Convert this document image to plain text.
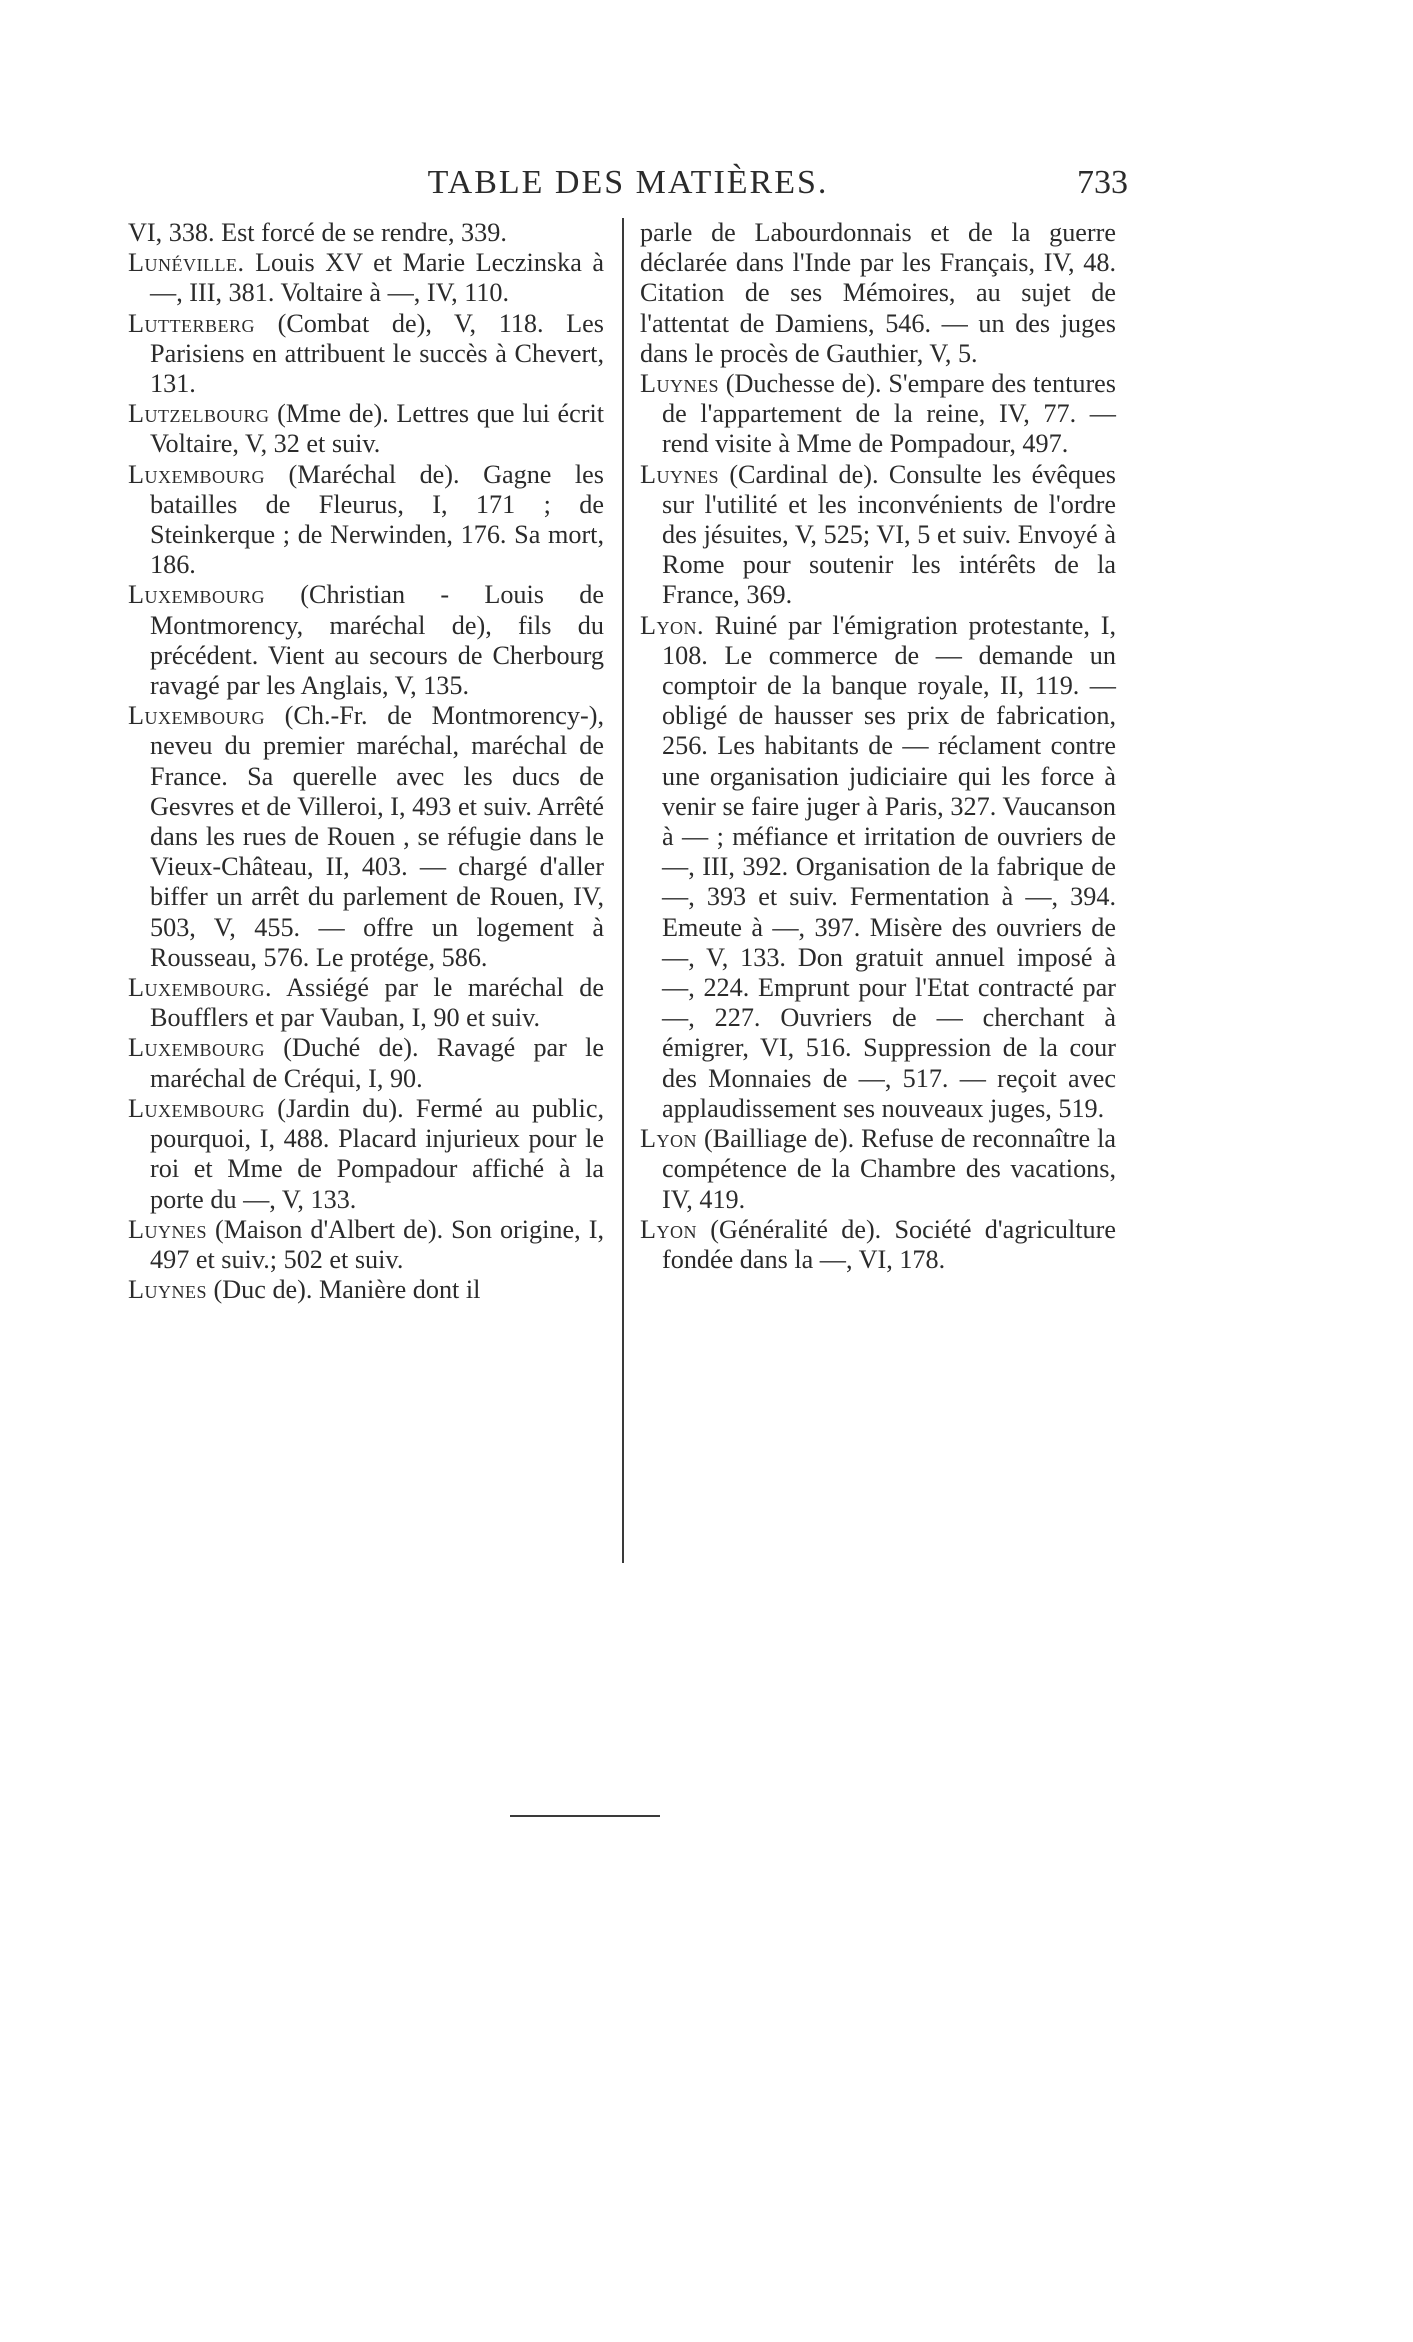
TABLE DES MATIÈRES.	733

VI, 338. Est forcé de se rendre, 339.

Lunéville. Louis XV et Marie Leczinska à —, III, 381. Voltaire à —, IV, 110.

Lutterberg (Combat de), V, 118. Les Parisiens en attribuent le succès à Chevert, 131.

Lutzelbourg (Mme de). Lettres que lui écrit Voltaire, V, 32 et suiv.

Luxembourg (Maréchal de). Gagne les batailles de Fleurus, I, 171 ; de Steinkerque ; de Nerwinden, 176. Sa mort, 186.

Luxembourg (Christian - Louis de Montmorency, maréchal de), fils du précédent. Vient au secours de Cherbourg ravagé par les Anglais, V, 135.

Luxembourg (Ch.-Fr. de Montmorency-), neveu du premier maréchal, maréchal de France. Sa querelle avec les ducs de Gesvres et de Villeroi, I, 493 et suiv. Arrêté dans les rues de Rouen , se réfugie dans le Vieux-Château, II, 403. — chargé d'aller biffer un arrêt du parlement de Rouen, IV, 503, V, 455. — offre un logement à Rousseau, 576. Le protége, 586.

Luxembourg. Assiégé par le maréchal de Boufflers et par Vauban, I, 90 et suiv.

Luxembourg (Duché de). Ravagé par le maréchal de Créqui, I, 90.

Luxembourg (Jardin du). Fermé au public, pourquoi, I, 488. Placard injurieux pour le roi et Mme de Pompadour affiché à la porte du —, V, 133.

Luynes (Maison d'Albert de). Son origine, I, 497 et suiv.; 502 et suiv.

Luynes (Duc de). Manière dont il

parle de Labourdonnais et de la guerre déclarée dans l'Inde par les Français, IV, 48. Citation de ses Mémoires, au sujet de l'attentat de Damiens, 546. — un des juges dans le procès de Gauthier, V, 5.

Luynes (Duchesse de). S'empare des tentures de l'appartement de la reine, IV, 77. — rend visite à Mme de Pompadour, 497.

Luynes (Cardinal de). Consulte les évêques sur l'utilité et les inconvénients de l'ordre des jésuites, V, 525; VI, 5 et suiv. Envoyé à Rome pour soutenir les intérêts de la France, 369.

Lyon. Ruiné par l'émigration protestante, I, 108. Le commerce de — demande un comptoir de la banque royale, II, 119. — obligé de hausser ses prix de fabrication, 256. Les habitants de — réclament contre une organisation judiciaire qui les force à venir se faire juger à Paris, 327. Vaucanson à — ; méfiance et irritation de ouvriers de —, III, 392. Organisation de la fabrique de —, 393 et suiv. Fermentation à —, 394. Emeute à —, 397. Misère des ouvriers de —, V, 133. Don gratuit annuel imposé à —, 224. Emprunt pour l'Etat contracté par —, 227. Ouvriers de — cherchant à émigrer, VI, 516. Suppression de la cour des Monnaies de —, 517. — reçoit avec applaudissement ses nouveaux juges, 519.

Lyon (Bailliage de). Refuse de reconnaître la compétence de la Chambre des vacations, IV, 419.

Lyon (Généralité de). Société d'agriculture fondée dans la —, VI, 178.
